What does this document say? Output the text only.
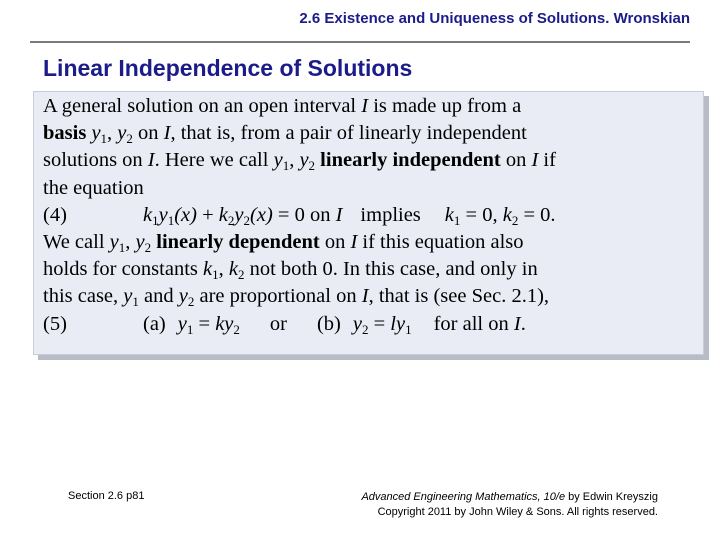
2.6 Existence and Uniqueness of Solutions. Wronskian
Linear Independence of Solutions
A general solution on an open interval I is made up from a
basis $y_1$, $y_2$ on I, that is, from a pair of linearly independent
solutions on I. Here we call $y_1$, $y_2$ linearly independent on I if
the equation
(4)	$k_1y_1(x) + k_2y_2(x) = 0$ on I implies $k_1 = 0$, $k_2 = 0$.
We call $y_1$, $y_2$ linearly dependent on I if this equation also
holds for constants $k_1$, $k_2$ not both 0. In this case, and only in
this case, $y_1$ and $y_2$ are proportional on I, that is (see Sec. 2.1),
(5)	(a) $y_1 = ky_2$ or (b) $y_2 = ly_1$ for all on I.
Section 2.6 p81	Advanced Engineering Mathematics, 10/e by Edwin Kreyszig
Copyright 2011 by John Wiley & Sons. All rights reserved.
